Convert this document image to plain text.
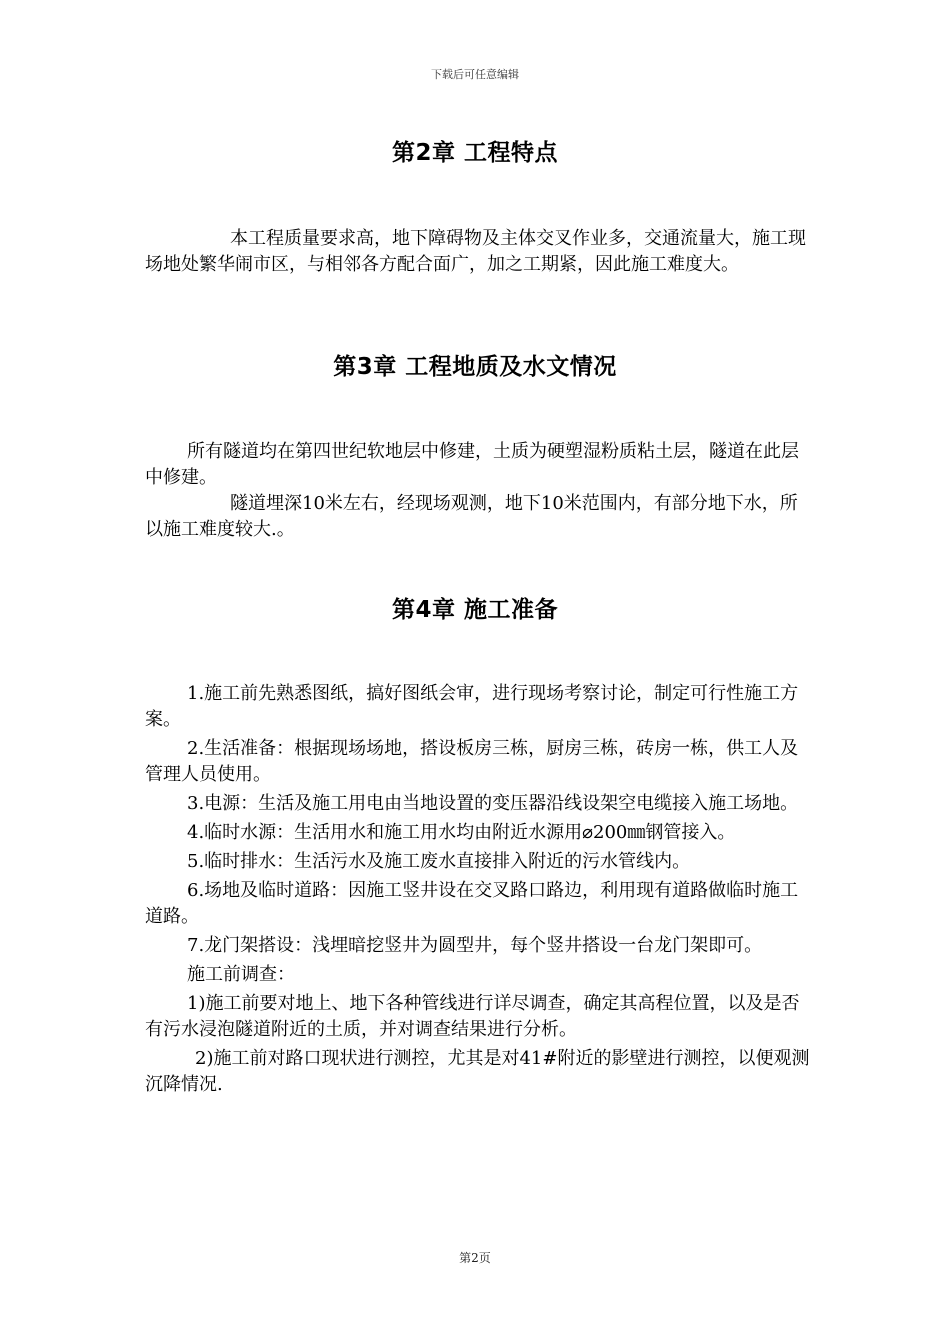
下载后可任意编辑
第2章 工程特点

本工程质量要求高，地下障碍物及主体交叉作业多，交通流量大，施工现场地处繁华闹市区，与相邻各方配合面广，加之工期紧，因此施工难度大。

第3章 工程地质及水文情况

所有隧道均在第四世纪软地层中修建，土质为硬塑湿粉质粘土层，隧道在此层中修建。

隧道埋深10米左右，经现场观测，地下10米范围内，有部分地下水，所以施工难度较大.。

第4章 施工准备

1.施工前先熟悉图纸，搞好图纸会审，进行现场考察讨论，制定可行性施工方案。

2.生活准备：根据现场场地，搭设板房三栋，厨房三栋，砖房一栋，供工人及管理人员使用。

3.电源：生活及施工用电由当地设置的变压器沿线设架空电缆接入施工场地。

4.临时水源：生活用水和施工用水均由附近水源用⌀200㎜钢管接入。

5.临时排水：生活污水及施工废水直接排入附近的污水管线内。

6.场地及临时道路：因施工竖井设在交叉路口路边，利用现有道路做临时施工道路。

7.龙门架搭设：浅埋暗挖竖井为圆型井，每个竖井搭设一台龙门架即可。

施工前调查：

1)施工前要对地上、地下各种管线进行详尽调查，确定其高程位置，以及是否有污水浸泡隧道附近的土质，并对调查结果进行分析。

2)施工前对路口现状进行测控，尤其是对41#附近的影壁进行测控，以便观测沉降情况.

第2页
